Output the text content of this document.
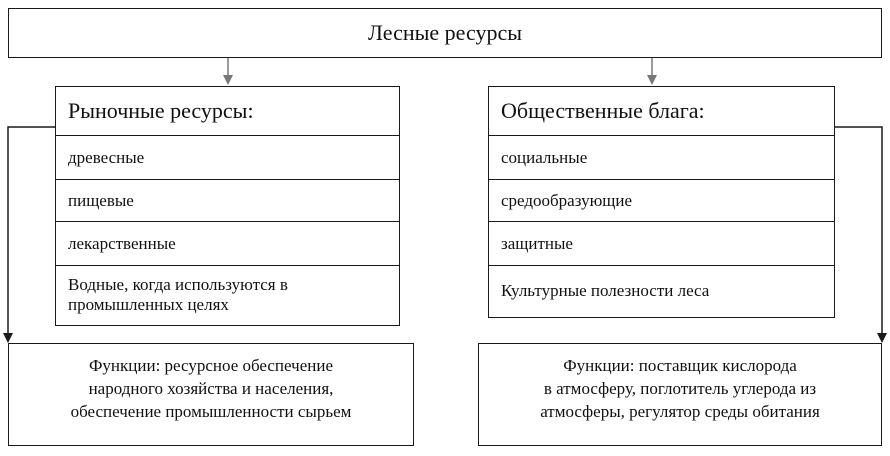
Лесные ресурсы
Рыночные ресурсы:
древесные
пищевые
лекарственные
Водные, когда используются в промышленных целях
Общественные блага:
социальные
средообразующие
защитные
Культурные полезности леса
Функции: ресурсное обеспечение
народного хозяйства и населения,
обеспечение промышленности сырьем
Функции: поставщик кислорода
в атмосферу, поглотитель углерода из
атмосферы, регулятор среды обитания
